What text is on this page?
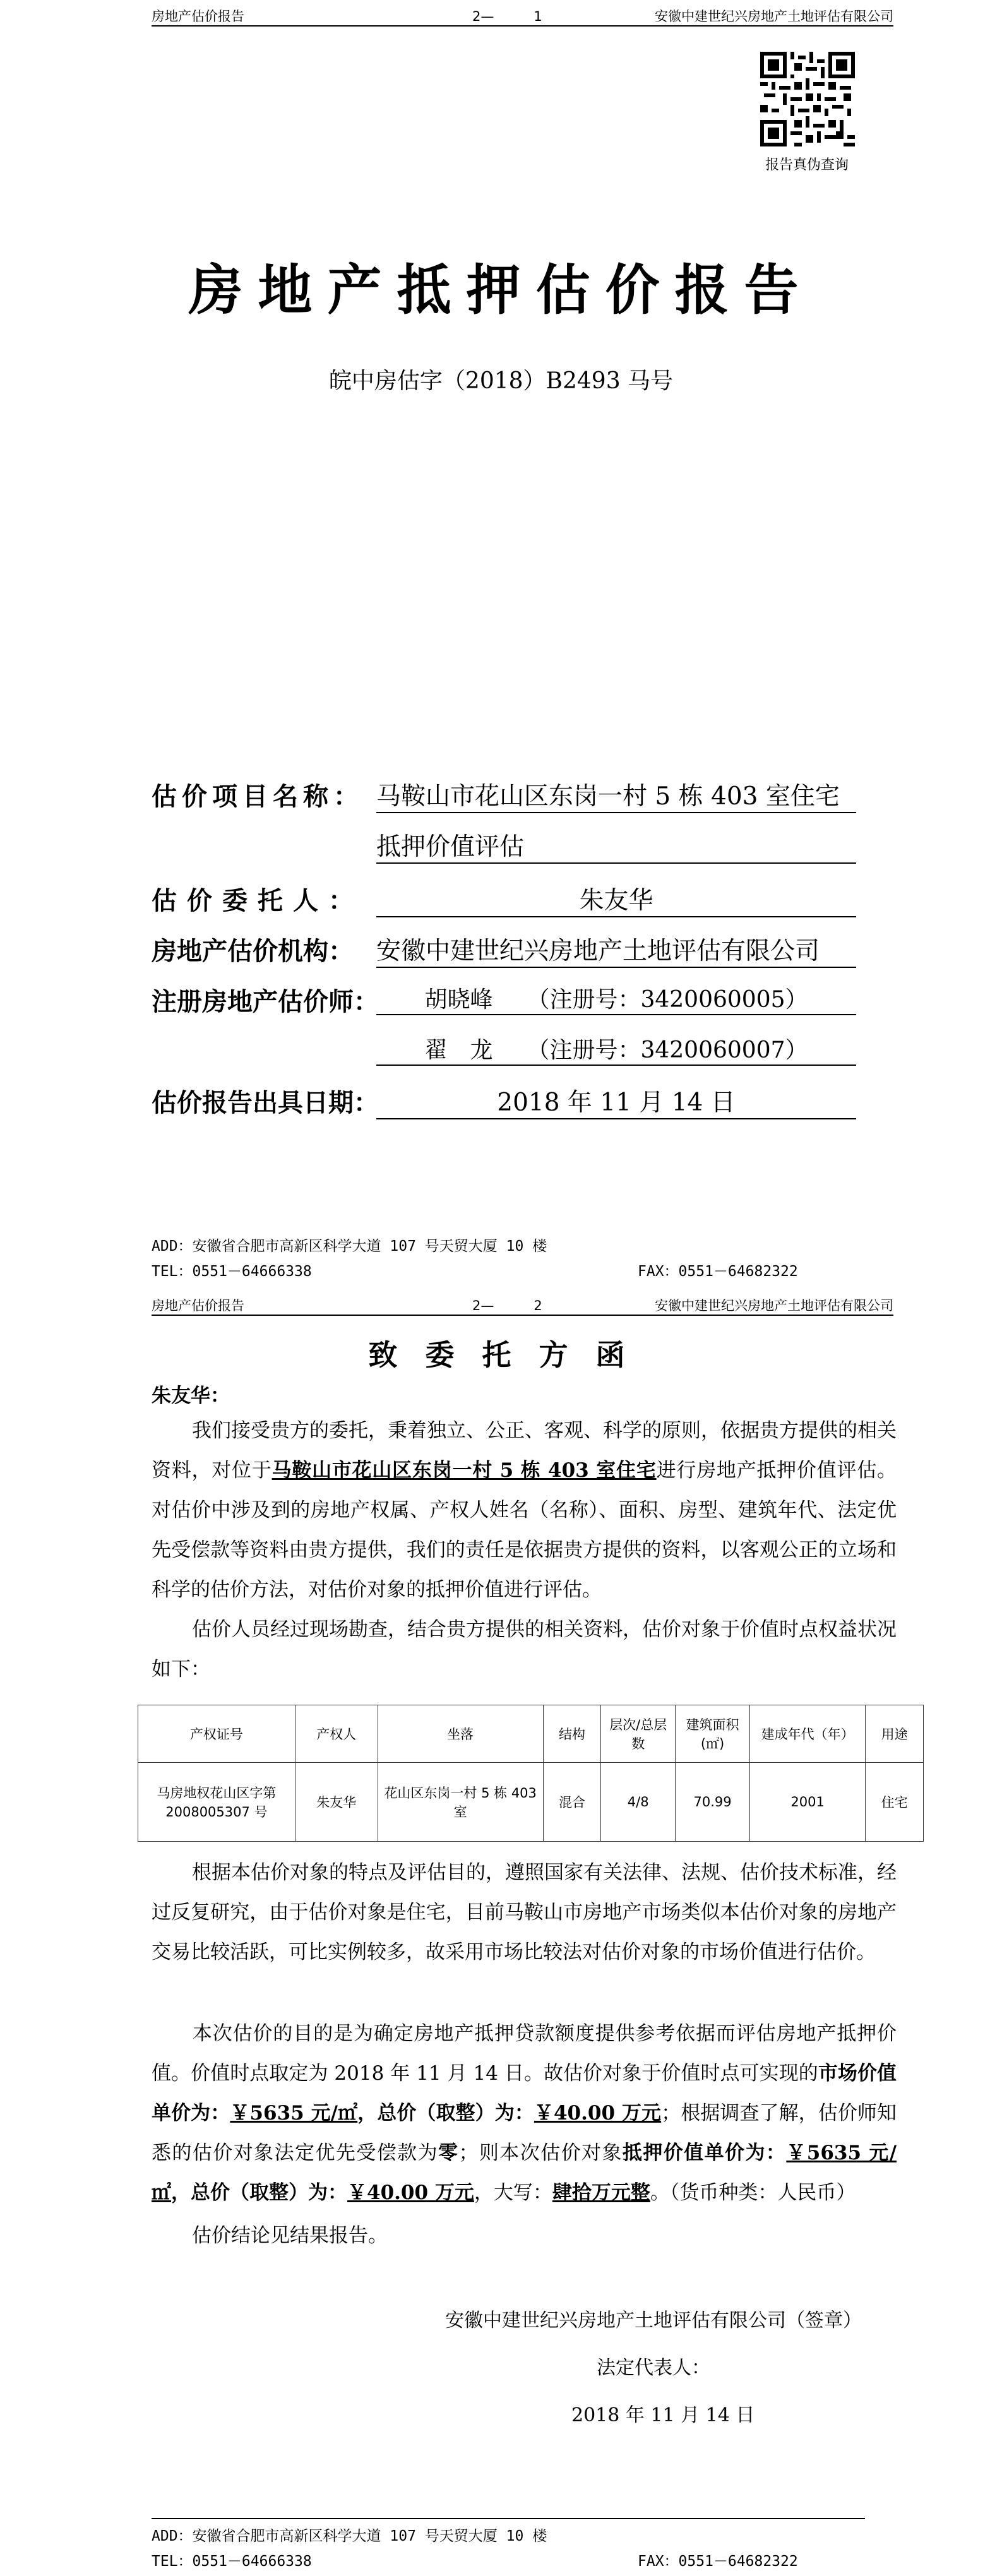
房地产估价报告	2—　　　1	安徽中建世纪兴房地产土地评估有限公司
报告真伪查询
房地产抵押估价报告
皖中房估字（2018）B2493 马号
估价项目名称： 马鞍山市花山区东岗一村 5 栋 403 室住宅
抵押价值评估
估价委托人：	朱友华
房地产估价机构： 安徽中建世纪兴房地产土地评估有限公司
注册房地产估价师：	胡晓峰　　（注册号：3420060005）
翟　龙　　（注册号：3420060007）
估价报告出具日期：	2018 年 11 月 14 日
ADD：安徽省合肥市高新区科学大道 107 号天贸大厦 10 楼
TEL：0551－64666338	FAX：0551－64682322
房地产估价报告	2—　　　2	安徽中建世纪兴房地产土地评估有限公司
致 委 托 方 函
朱友华：
我们接受贵方的委托，秉着独立、公正、客观、科学的原则，依据贵方提供的相关资料，对位于马鞍山市花山区东岗一村 5 栋 403 室住宅进行房地产抵押价值评估。对估价中涉及到的房地产权属、产权人姓名（名称）、面积、房型、建筑年代、法定优先受偿款等资料由贵方提供，我们的责任是依据贵方提供的资料，以客观公正的立场和科学的估价方法，对估价对象的抵押价值进行评估。
估价人员经过现场勘查，结合贵方提供的相关资料，估价对象于价值时点权益状况如下：
产权证号	产权人	坐落	结构	层次/总层数	建筑面积(㎡)	建成年代（年）	用途
马房地权花山区字第 2008005307 号	朱友华	花山区东岗一村 5 栋 403 室	混合	4/8	70.99	2001	住宅
根据本估价对象的特点及评估目的，遵照国家有关法律、法规、估价技术标准，经过反复研究，由于估价对象是住宅，目前马鞍山市房地产市场类似本估价对象的房地产交易比较活跃，可比实例较多，故采用市场比较法对估价对象的市场价值进行估价。
本次估价的目的是为确定房地产抵押贷款额度提供参考依据而评估房地产抵押价值。价值时点取定为 2018 年 11 月 14 日。故估价对象于价值时点可实现的市场价值单价为：￥5635 元/㎡，总价（取整）为：￥40.00 万元；根据调查了解，估价师知悉的估价对象法定优先受偿款为零；则本次估价对象抵押价值单价为：￥5635 元/㎡，总价（取整）为：￥40.00 万元，大写：肆拾万元整。（货币种类：人民币）
估价结论见结果报告。
安徽中建世纪兴房地产土地评估有限公司（签章）
法定代表人：
2018 年 11 月 14 日
ADD：安徽省合肥市高新区科学大道 107 号天贸大厦 10 楼
TEL：0551－64666338	FAX：0551－64682322
